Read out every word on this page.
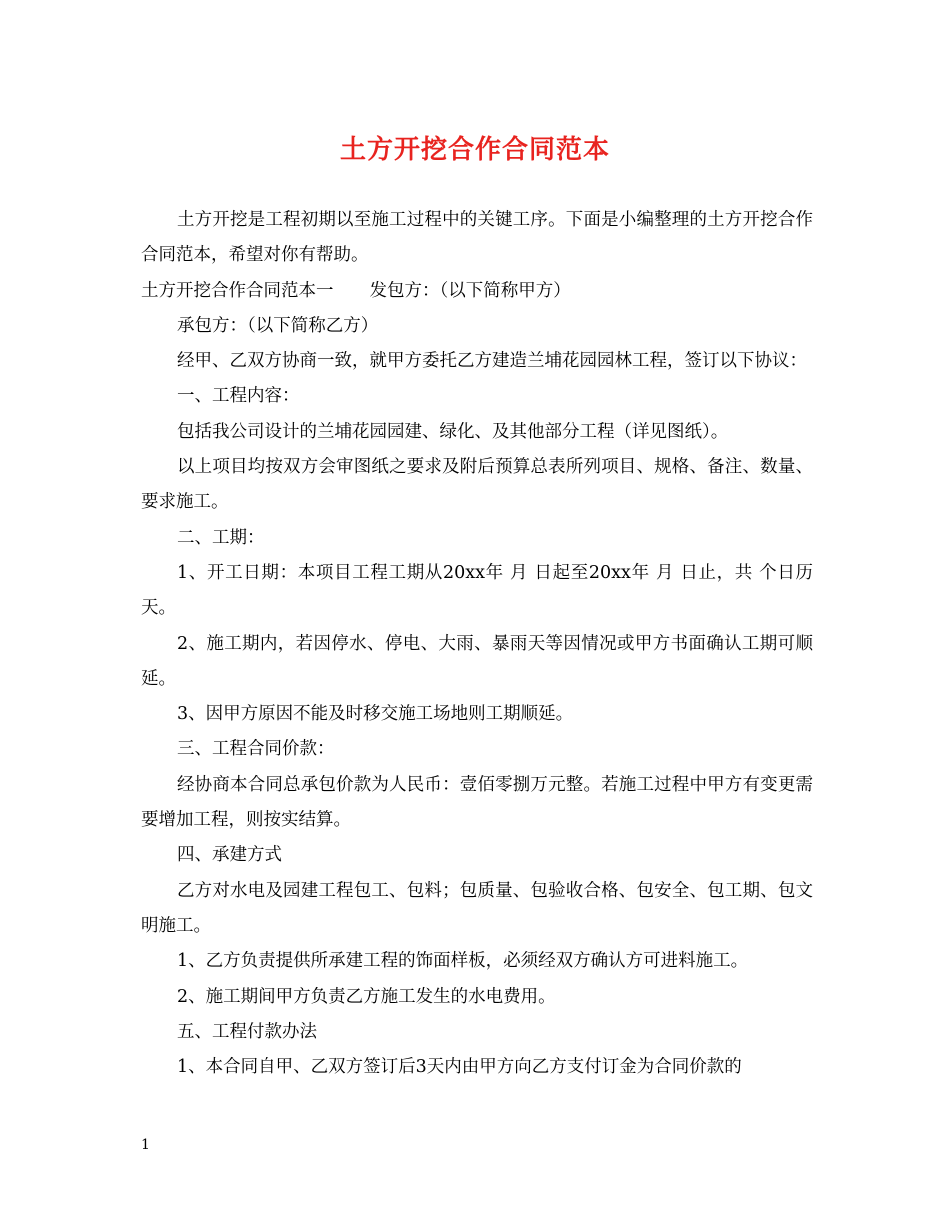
土方开挖合作合同范本

土方开挖是工程初期以至施工过程中的关键工序。下面是小编整理的土方开挖合作合同范本，希望对你有帮助。

土方开挖合作合同范本一 发包方：（以下简称甲方）

承包方：（以下简称乙方）

经甲、乙双方协商一致，就甲方委托乙方建造兰埔花园园林工程，签订以下协议：

一、工程内容：

包括我公司设计的兰埔花园园建、绿化、及其他部分工程（详见图纸）。

以上项目均按双方会审图纸之要求及附后预算总表所列项目、规格、备注、数量、要求施工。

二、工期：

1、开工日期：本项目工程工期从20xx年 月 日起至20xx年 月 日止，共 个日历天。

2、施工期内，若因停水、停电、大雨、暴雨天等因情况或甲方书面确认工期可顺延。

3、因甲方原因不能及时移交施工场地则工期顺延。

三、工程合同价款：

经协商本合同总承包价款为人民币：壹佰零捌万元整。若施工过程中甲方有变更需要增加工程，则按实结算。

四、承建方式

乙方对水电及园建工程包工、包料；包质量、包验收合格、包安全、包工期、包文明施工。

1、乙方负责提供所承建工程的饰面样板，必须经双方确认方可进料施工。

2、施工期间甲方负责乙方施工发生的水电费用。

五、工程付款办法

1、本合同自甲、乙双方签订后3天内由甲方向乙方支付订金为合同价款的

1
